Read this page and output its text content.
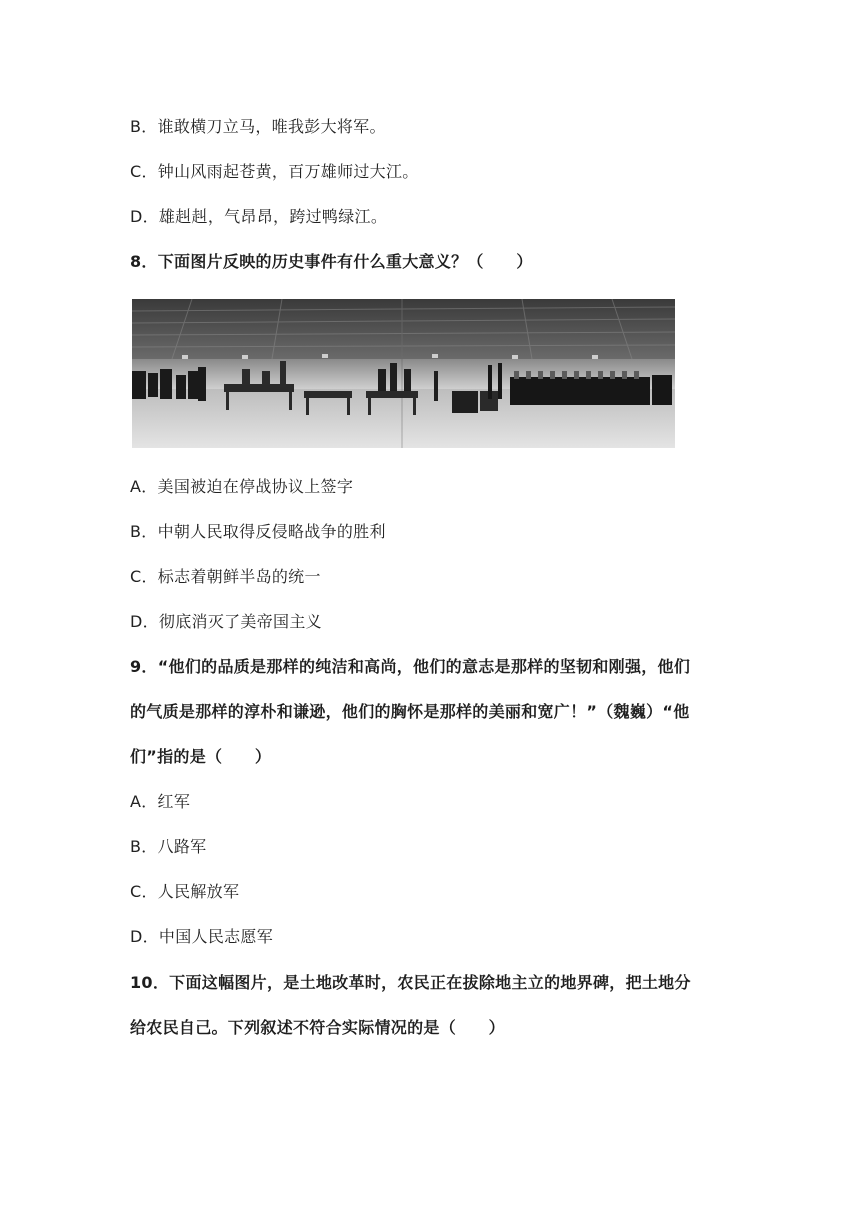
B．谁敢横刀立马，唯我彭大将军。
C．钟山风雨起苍黄，百万雄师过大江。
D．雄赳赳，气昂昂，跨过鸭绿江。
8．下面图片反映的历史事件有什么重大意义？（　　）
A．美国被迫在停战协议上签字
B．中朝人民取得反侵略战争的胜利
C．标志着朝鲜半岛的统一
D．彻底消灭了美帝国主义
9．“他们的品质是那样的纯洁和高尚，他们的意志是那样的坚韧和刚强，他们
的气质是那样的淳朴和谦逊，他们的胸怀是那样的美丽和宽广！”（魏巍）“他
们”指的是（　　）
A．红军
B．八路军
C．人民解放军
D．中国人民志愿军
10．下面这幅图片，是土地改革时，农民正在拔除地主立的地界碑，把土地分
给农民自己。下列叙述不符合实际情况的是（　　）
